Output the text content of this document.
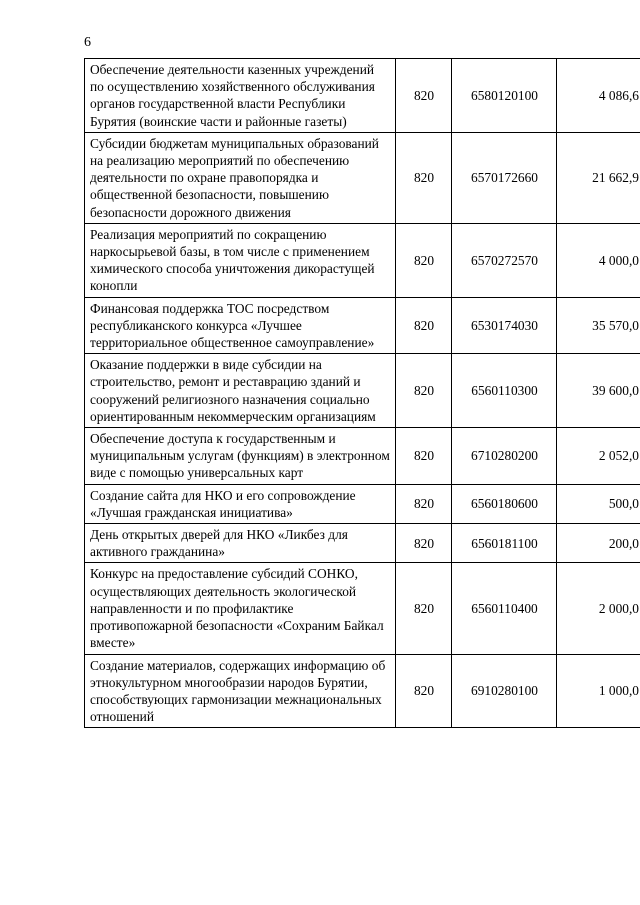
6
Обеспечение деятельности казенных учреждений по осуществлению хозяйственного обслуживания органов государственной власти Республики Бурятия (воинские части и районные газеты)	820	6580120100	4 086,6
Субсидии бюджетам муниципальных образований на реализацию мероприятий по обеспечению деятельности по охране правопорядка и общественной безопасности, повышению безопасности дорожного движения	820	6570172660	21 662,9
Реализация мероприятий по сокращению наркосырьевой базы, в том числе с применением химического способа уничтожения дикорастущей конопли	820	6570272570	4 000,0
Финансовая поддержка ТОС посредством республиканского конкурса «Лучшее территориальное общественное самоуправление»	820	6530174030	35 570,0
Оказание поддержки в виде субсидии на строительство, ремонт и реставрацию зданий и сооружений религиозного назначения социально ориентированным некоммерческим организациям	820	6560110300	39 600,0
Обеспечение доступа к государственным и муниципальным услугам (функциям) в электронном виде с помощью универсальных карт	820	6710280200	2 052,0
Создание сайта для НКО и его сопровождение «Лучшая гражданская инициатива»	820	6560180600	500,0
День открытых дверей для НКО «Ликбез для активного гражданина»	820	6560181100	200,0
Конкурс на предоставление субсидий СОНКО, осуществляющих деятельность экологической направленности и по профилактике противопожарной безопасности «Сохраним Байкал вместе»	820	6560110400	2 000,0
Создание материалов, содержащих информацию об этнокультурном многообразии народов Бурятии, способствующих гармонизации межнациональных отношений	820	6910280100	1 000,0
